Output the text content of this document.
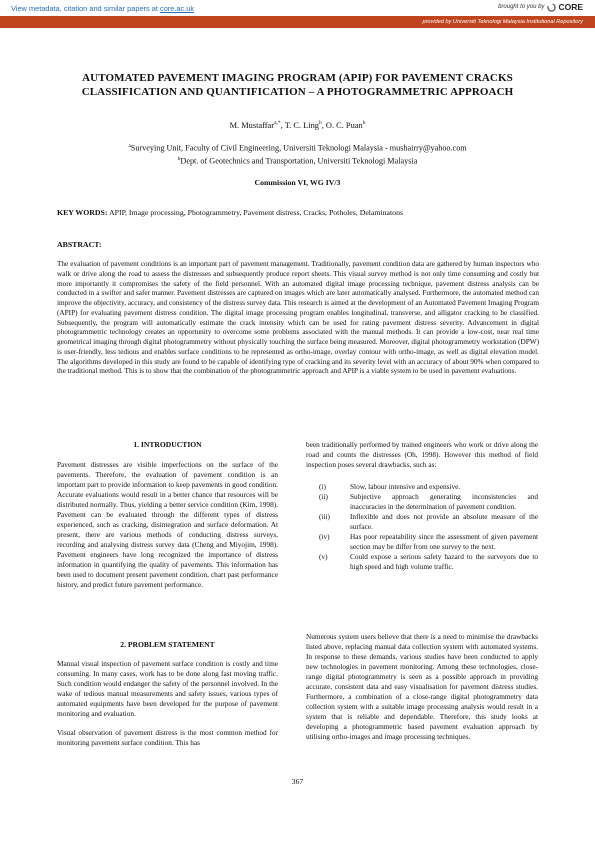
View metadata, citation and similar papers at core.ac.uk	brought to you by CORE
provided by Universiti Teknologi Malaysia Institutional Repository
AUTOMATED PAVEMENT IMAGING PROGRAM (APIP) FOR PAVEMENT CRACKS
CLASSIFICATION AND QUANTIFICATION – A PHOTOGRAMMETRIC APPROACH
M. Mustaffar$^{a,*}$, T. C. Ling$^b$, O. C. Puan$^b$
$^a$Surveying Unit, Faculty of Civil Engineering, Universiti Teknologi Malaysia - mushairry@yahoo.com
$^b$Dept. of Geotechnics and Transportation, Universiti Teknologi Malaysia
Commission VI, WG IV/3
KEY WORDS: APIP, Image processing, Photogrammetry, Pavement distress, Cracks, Potholes, Delaminatons
ABSTRACT:
The evaluation of pavement conditions is an important part of pavement management. Traditionally, pavement condition data are gathered by human inspectors who walk or drive along the road to assess the distresses and subsequently produce report sheets. This visual survey method is not only time consuming and costly but more importantly it compromises the safety of the field personnel. With an automated digital image processing technique, pavement distress analysis can be conducted in a swifter and safer manner. Pavement distresses are captured on images which are later automatically analysed. Furthermore, the automated method can improve the objectivity, accuracy, and consistency of the distress survey data. This research is aimed at the development of an Automated Pavement Imaging Program (APIP) for evaluating pavement distress condition. The digital image processing program enables longitudinal, transverse, and alligator cracking to be classified. Subsequently, the program will automatically estimate the crack intensity which can be used for rating pavement distress severity. Advancement in digital photogrammetric technology creates an opportunity to overcome some problems associated with the manual methods. It can provide a low-cost, near real time geometrical imaging through digital photogrammetry without physically touching the surface being measured. Moreover, digital photogrammetry workstation (DPW) is user-friendly, less tedious and enables surface conditions to be represented as ortho-image, overlay contour with ortho-image, as well as digital elevation model. The algorithms developed in this study are found to be capable of identifying type of cracking and its severity level with an accuracy of about 90% when compared to the traditional method. This is to show that the combination of the photogrammetric approach and APIP is a viable system to be used in pavement evaluations.
1. INTRODUCTION

Pavement distresses are visible imperfections on the surface of the pavements. Therefore, the evaluation of pavement condition is an important part to provide information to keep pavements in good condition. Accurate evaluations would result in a better chance that resources will be distributed normally. Thus, yielding a better service condition (Kim, 1998). Pavement can be evaluated through the different types of distress experienced, such as cracking, disintegration and surface deformation. At present, there are various methods of conducting distress surveys, recording and analysing distress survey data (Cheng and Miyojim, 1998). Pavement engineers have long recognized the importance of distress information in quantifying the quality of pavements. This information has been used to document present pavement condition, chart past performance history, and predict future pavement performance.

2. PROBLEM STATEMENT

Manual visual inspection of pavement surface condition is costly and time consuming. In many cases, work has to be done along fast moving traffic. Such condition would endanger the safety of the personnel involved. In the wake of tedious manual measurements and safety issues, various types of automated equipments have been developed for the purpose of pavement monitoring and evaluation.

Visual observation of pavement distress is the most common method for monitoring pavement surface condition. This has

been traditionally performed by trained engineers who work or drive along the road and counts the distresses (Oh, 1998). However this method of field inspection poses several drawbacks, such as:

(i)	Slow, labour intensive and expensive.
(ii)	Subjective approach generating inconsistencies and inaccuracies in the determination of pavement condition.
(iii)	Inflexible and does not provide an absolute measure of the surface.
(iv)	Has poor repeatability since the assessment of given pavement section may be differ from one survey to the next.
(v)	Could expose a serious safety hazard to the surveyors due to high speed and high volume traffic.

Numerous system users believe that there is a need to minimise the drawbacks listed above, replacing manual data collection system with automated systems. In response to these demands, various studies have been conducted to apply new technologies in pavement monitoring. Among these technologies, close-range digital photogrammetry is seen as a possible approach in providing accurate, consistent data and easy visualisation for pavement distress studies. Furthermore, a combination of a close-range digital photogrammetry data collection system with a suitable image processing analysis would result in a system that is reliable and dependable. Therefore, this study looks at developing a photogrammetric based pavement evaluation approach by utilising ortho-images and image processing techniques.

367
